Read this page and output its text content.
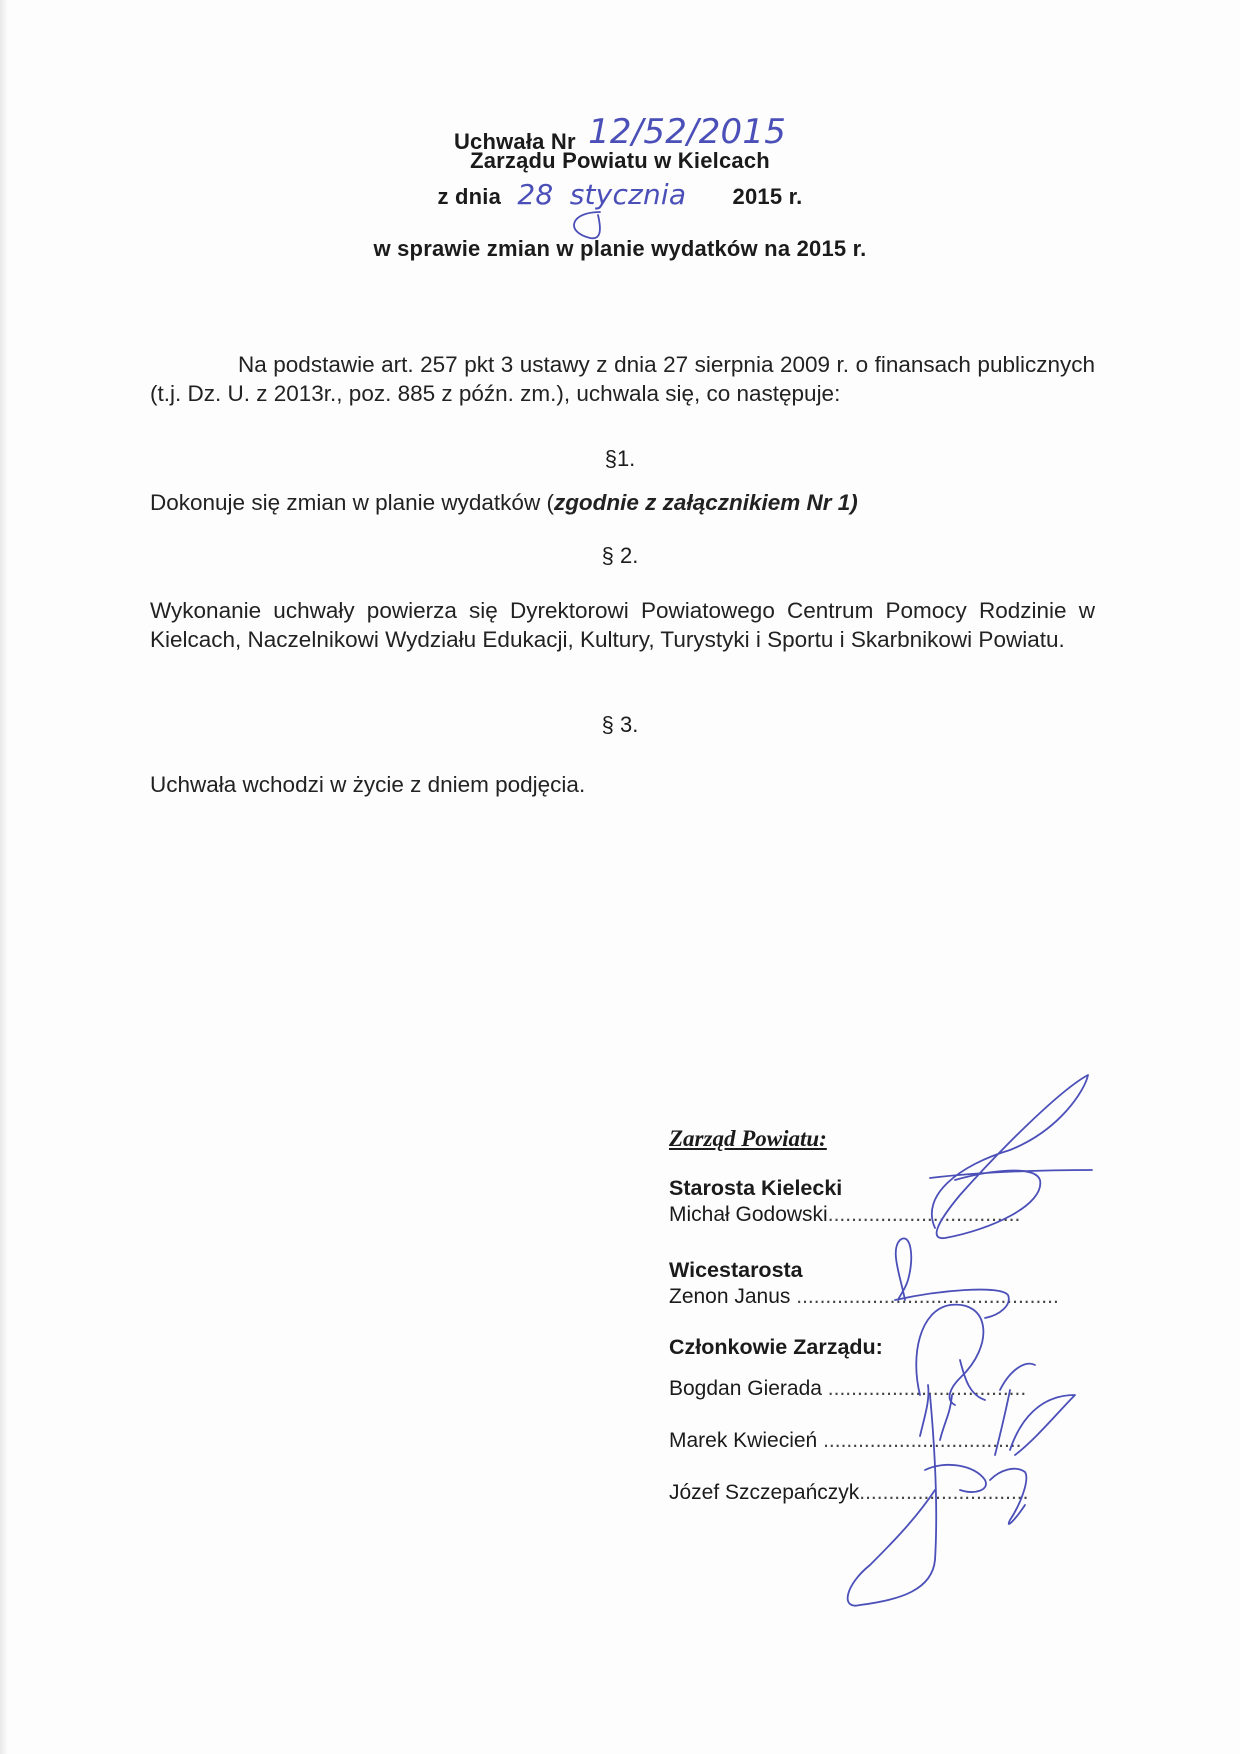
Uchwała Nr 12/52/2015
Zarządu Powiatu w Kielcach
z dnia 28 stycznia 2015 r.
w sprawie zmian w planie wydatków na 2015 r.
Na podstawie art. 257 pkt 3 ustawy z dnia 27 sierpnia 2009 r. o finansach publicznych (t.j. Dz. U. z 2013r., poz. 885 z późn. zm.), uchwala się, co następuje:
§1.
Dokonuje się zmian w planie wydatków (zgodnie z załącznikiem Nr 1)
§ 2.
Wykonanie uchwały powierza się Dyrektorowi Powiatowego Centrum Pomocy Rodzinie w Kielcach, Naczelnikowi Wydziału Edukacji, Kultury, Turystyki i Sportu i Skarbnikowi Powiatu.
§ 3.
Uchwała wchodzi w życie z dniem podjęcia.
Zarząd Powiatu:
Starosta Kielecki
Michał Godowski.................................
Wicestarosta
Zenon Janus .............................................
Członkowie Zarządu:
Bogdan Gierada ..................................
Marek Kwiecień ..................................
Józef Szczepańczyk.............................
